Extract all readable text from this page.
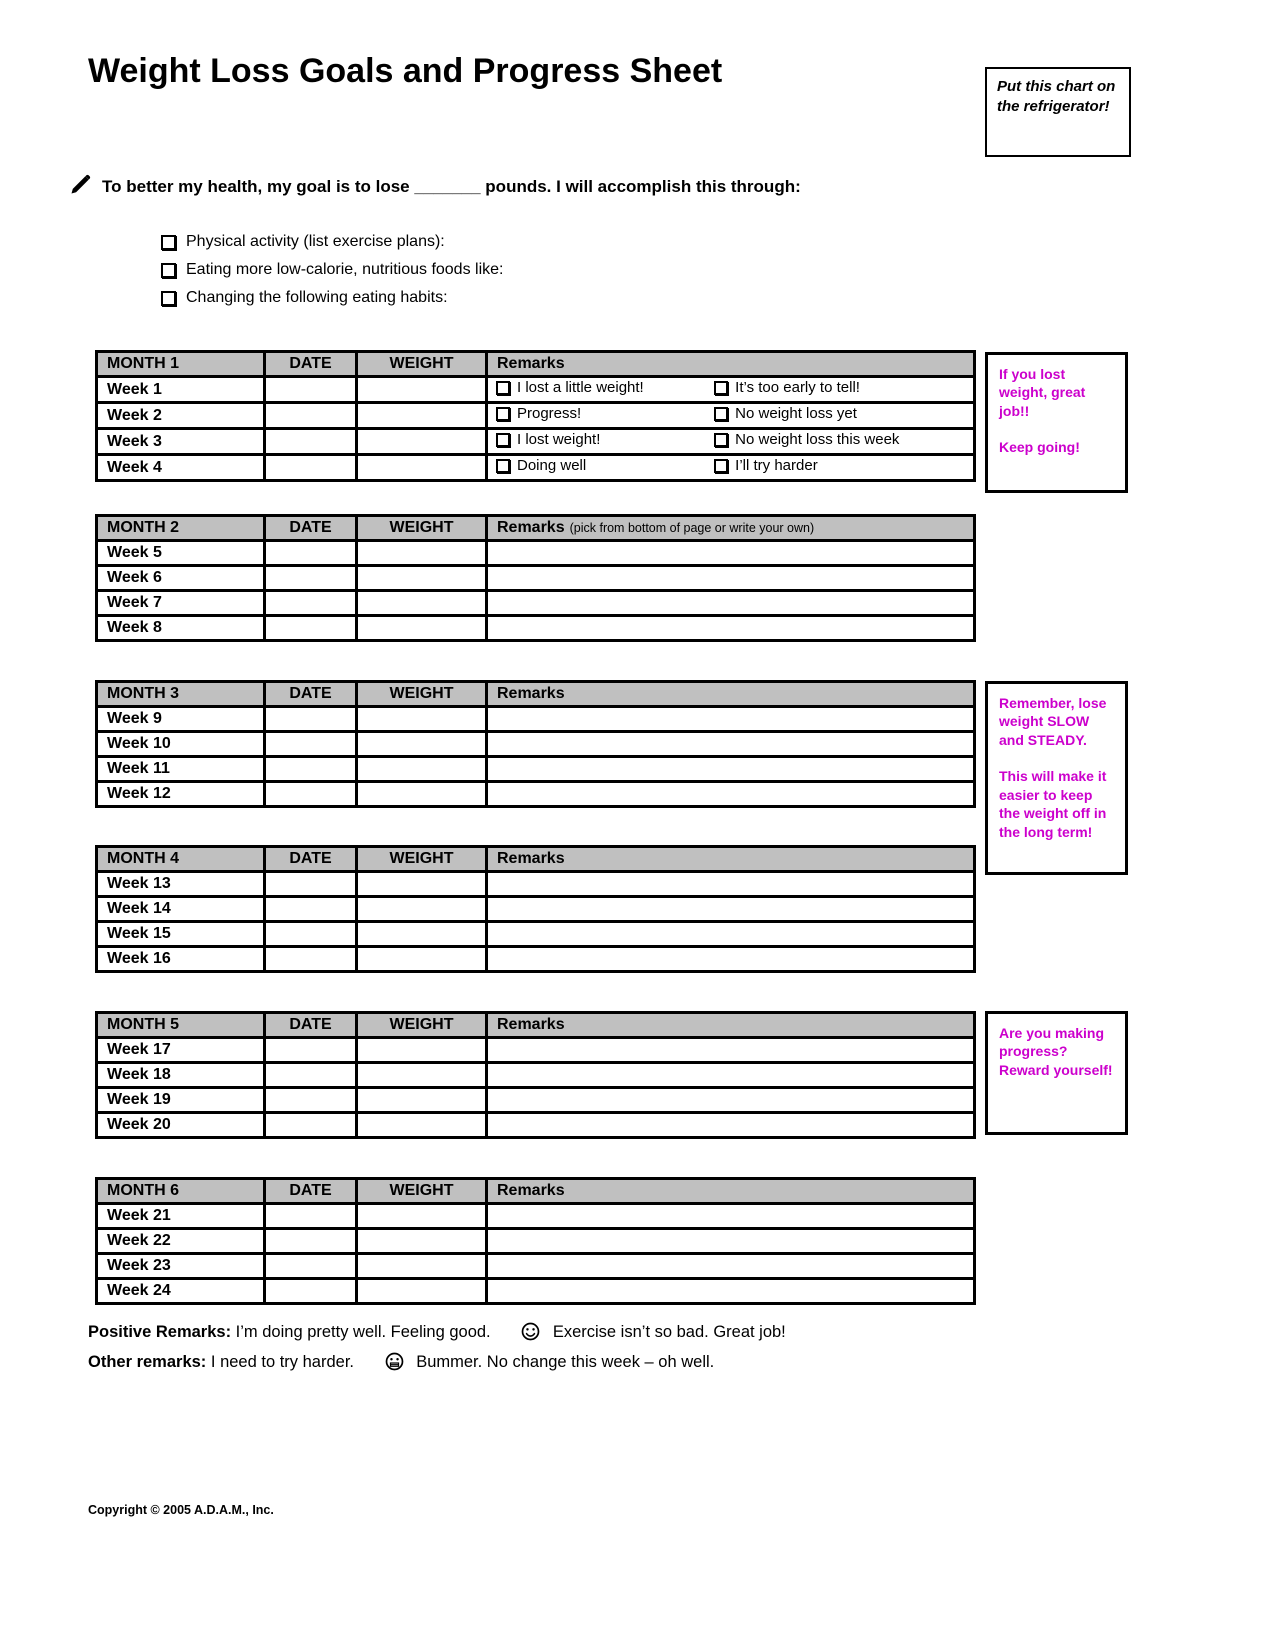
Weight Loss Goals and Progress Sheet	Put this chart on the refrigerator!
To better my health, my goal is to lose
_______
pounds. I will accomplish this through:
Physical activity (list exercise plans):
Eating more low-calorie, nutritious foods like:
Changing the following eating habits:
MONTH 1	DATE	WEIGHT	Remarks
Week 1			I lost a little weight!
It’s too early to tell!

Week 2			Progress!
No weight loss yet

Week 3			I lost weight!
No weight loss this week

Week 4			Doing well
I’ll try harder
MONTH 2	DATE	WEIGHT	Remarks (pick from bottom of page or write your own)
Week 5			
Week 6			
Week 7			
Week 8			
MONTH 3	DATE	WEIGHT	Remarks
Week 9			
Week 10			
Week 11			
Week 12			
MONTH 4	DATE	WEIGHT	Remarks
Week 13			
Week 14			
Week 15			
Week 16			
MONTH 5	DATE	WEIGHT	Remarks
Week 17			
Week 18			
Week 19			
Week 20			
MONTH 6	DATE	WEIGHT	Remarks
Week 21			
Week 22			
Week 23			
Week 24			

If you lost weight, great job!!

Keep going!

Remember, lose weight SLOW and STEADY.

This will make it easier to keep the weight off in the long term!

Are you making progress? Reward yourself!

Positive Remarks: I’m doing pretty well. Feeling good.	Exercise isn’t so bad. Great job!
Other remarks: I need to try harder.	Bummer. No change this week – oh well.
Copyright © 2005 A.D.A.M., Inc.
